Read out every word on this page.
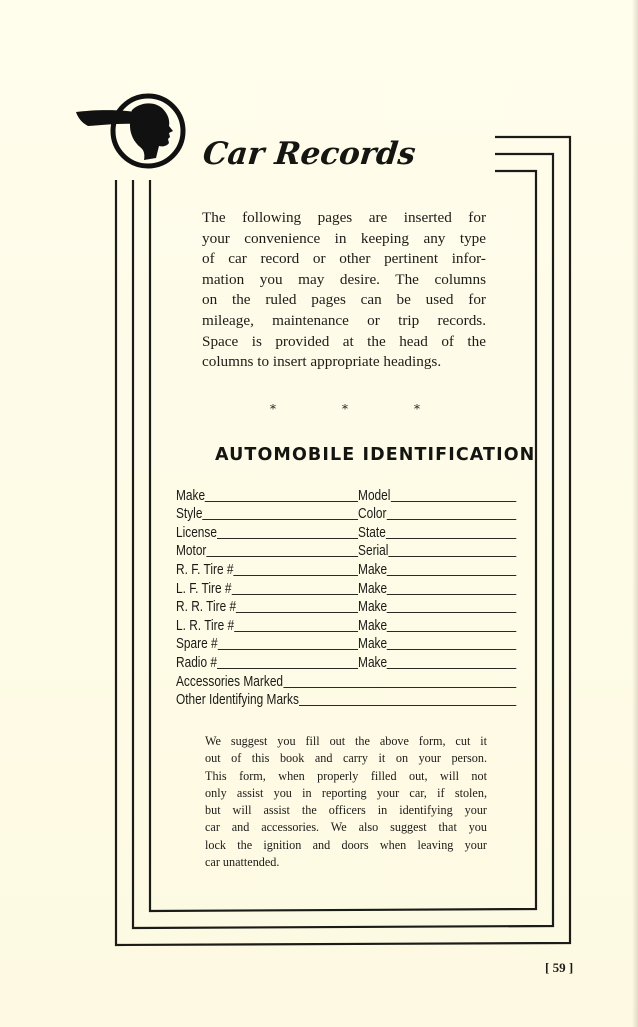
Car Records
The following pages are inserted for
your convenience in keeping any type
of car record or other pertinent infor-
mation you may desire. The columns
on the ruled pages can be used for
mileage, maintenance or trip records.
Space is provided at the head of the
columns to insert appropriate headings.
*	*	*
AUTOMOBILE IDENTIFICATION
Make	Model
Style	Color
License	State
Motor	Serial
R. F. Tire #	Make
L. F. Tire #	Make
R. R. Tire #	Make
L. R. Tire #	Make
Spare #	Make
Radio #	Make
Accessories Marked
Other Identifying Marks
We suggest you fill out the above form, cut it
out of this book and carry it on your person.
This form, when properly filled out, will not
only assist you in reporting your car, if stolen,
but will assist the officers in identifying your
car and accessories. We also suggest that you
lock the ignition and doors when leaving your
car unattended.
[ 59 ]
